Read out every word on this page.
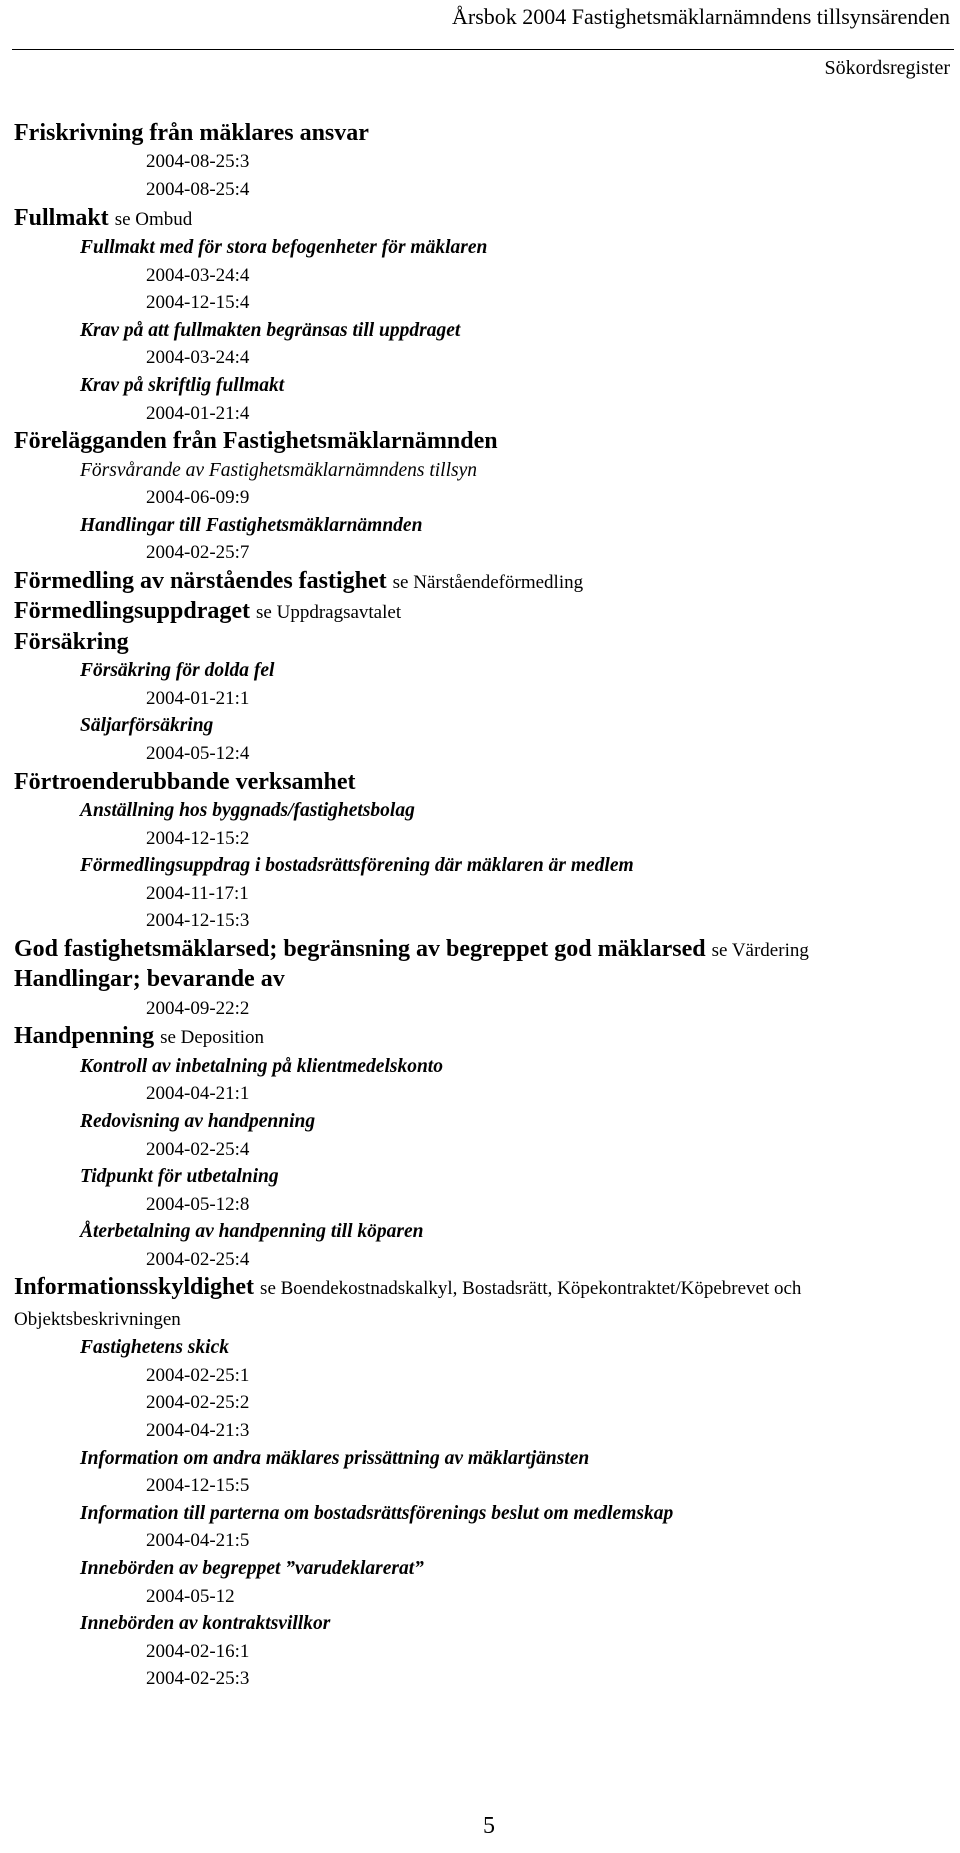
Årsbok 2004 Fastighetsmäklarnämndens tillsynsärenden
Sökordsregister
Friskrivning från mäklares ansvar
2004-08-25:3
2004-08-25:4
Fullmakt se Ombud
Fullmakt med för stora befogenheter för mäklaren
2004-03-24:4
2004-12-15:4
Krav på att fullmakten begränsas till uppdraget
2004-03-24:4
Krav på skriftlig fullmakt
2004-01-21:4
Förelägganden från Fastighetsmäklarnämnden
Försvårande av Fastighetsmäklarnämndens tillsyn
2004-06-09:9
Handlingar till Fastighetsmäklarnämnden
2004-02-25:7
Förmedling av närståendes fastighet se Närståendeförmedling
Förmedlingsuppdraget se Uppdragsavtalet
Försäkring
Försäkring för dolda fel
2004-01-21:1
Säljarförsäkring
2004-05-12:4
Förtroenderubbande verksamhet
Anställning hos byggnads/fastighetsbolag
2004-12-15:2
Förmedlingsuppdrag i bostadsrättsförening där mäklaren är medlem
2004-11-17:1
2004-12-15:3
God fastighetsmäklarsed; begränsning av begreppet god mäklarsed se Värdering
Handlingar; bevarande av
2004-09-22:2
Handpenning se Deposition
Kontroll av inbetalning på klientmedelskonto
2004-04-21:1
Redovisning av handpenning
2004-02-25:4
Tidpunkt för utbetalning
2004-05-12:8
Återbetalning av handpenning till köparen
2004-02-25:4
Informationsskyldighet se Boendekostnadskalkyl, Bostadsrätt, Köpekontraktet/Köpebrevet och Objektsbeskrivningen
Fastighetens skick
2004-02-25:1
2004-02-25:2
2004-04-21:3
Information om andra mäklares prissättning av mäklartjänsten
2004-12-15:5
Information till parterna om bostadsrättsförenings beslut om medlemskap
2004-04-21:5
Innebörden av begreppet ”varudeklarerat”
2004-05-12
Innebörden av kontraktsvillkor
2004-02-16:1
2004-02-25:3
5
